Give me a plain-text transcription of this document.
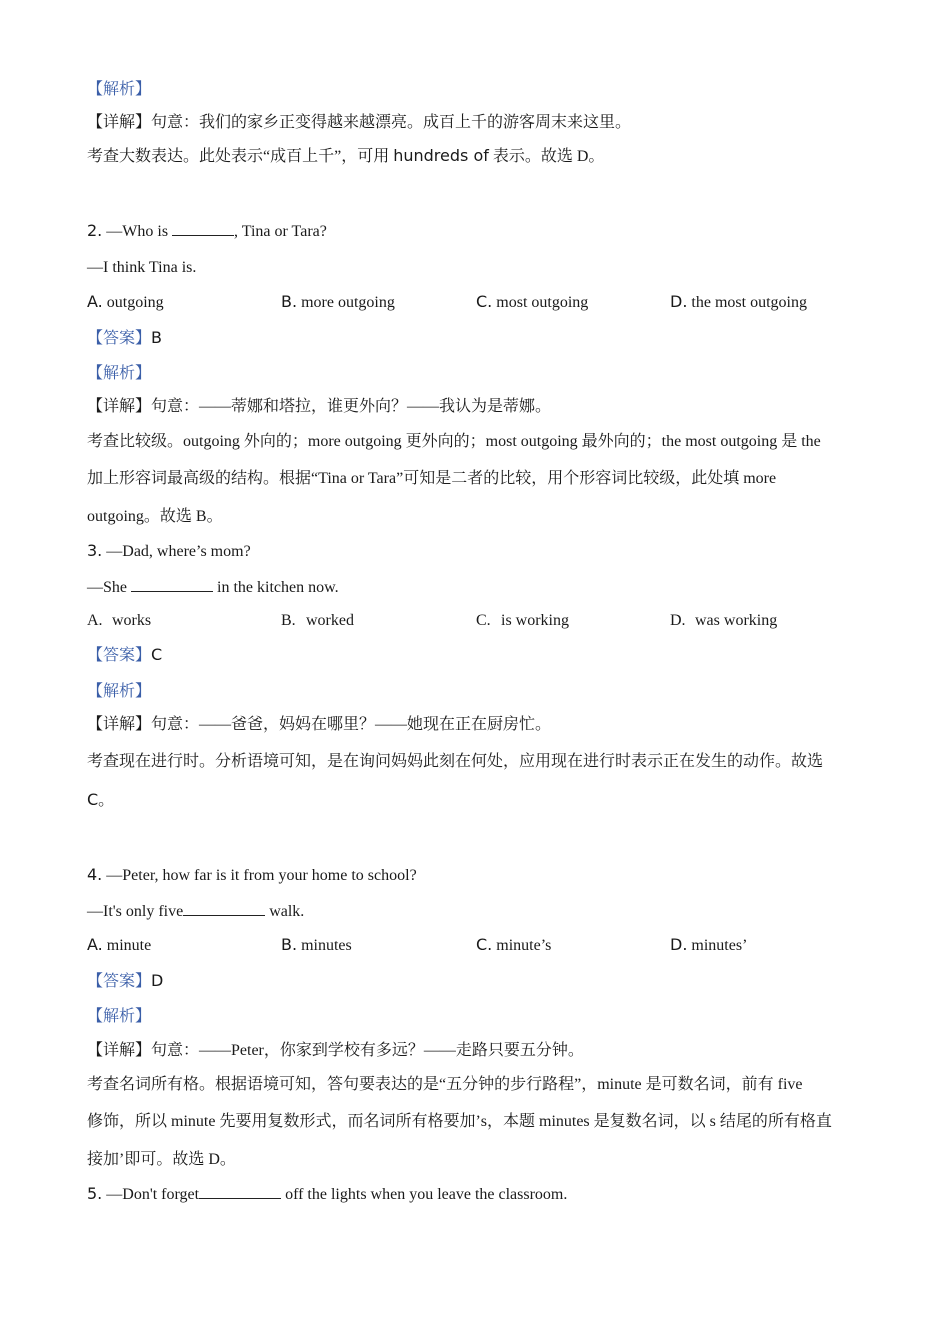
【解析】
【详解】句意：我们的家乡正变得越来越漂亮。成百上千的游客周末来这里。
考查大数表达。此处表示“成百上千”，可用 hundreds of 表示。故选 D。
2. —Who is	, Tina or Tara?
—I think Tina is.
A. outgoing	B. more outgoing	C. most outgoing	D. the most outgoing
【答案】B
【解析】
【详解】句意：——蒂娜和塔拉，谁更外向？——我认为是蒂娜。
考查比较级。outgoing 外向的；more outgoing 更外向的；most outgoing 最外向的；the most outgoing 是 the
加上形容词最高级的结构。根据“Tina or Tara”可知是二者的比较，用个形容词比较级，此处填 more
outgoing。故选 B。
3. —Dad, where’s mom?
—She	in the kitchen now.
A. works	B. worked	C. is working	D. was working
【答案】C
【解析】
【详解】句意：——爸爸，妈妈在哪里？——她现在正在厨房忙。
考查现在进行时。分析语境可知，是在询问妈妈此刻在何处，应用现在进行时表示正在发生的动作。故选
C。
4. —Peter, how far is it from your home to school?
—It's only five	walk.
A. minute	B. minutes	C. minute’s	D. minutes’
【答案】D
【解析】
【详解】句意：——Peter，你家到学校有多远？——走路只要五分钟。
考查名词所有格。根据语境可知，答句要表达的是“五分钟的步行路程”，minute 是可数名词，前有 five
修饰，所以 minute 先要用复数形式，而名词所有格要加’s，本题 minutes 是复数名词，以 s 结尾的所有格直
接加’即可。故选 D。
5. —Don't forget	off the lights when you leave the classroom.
